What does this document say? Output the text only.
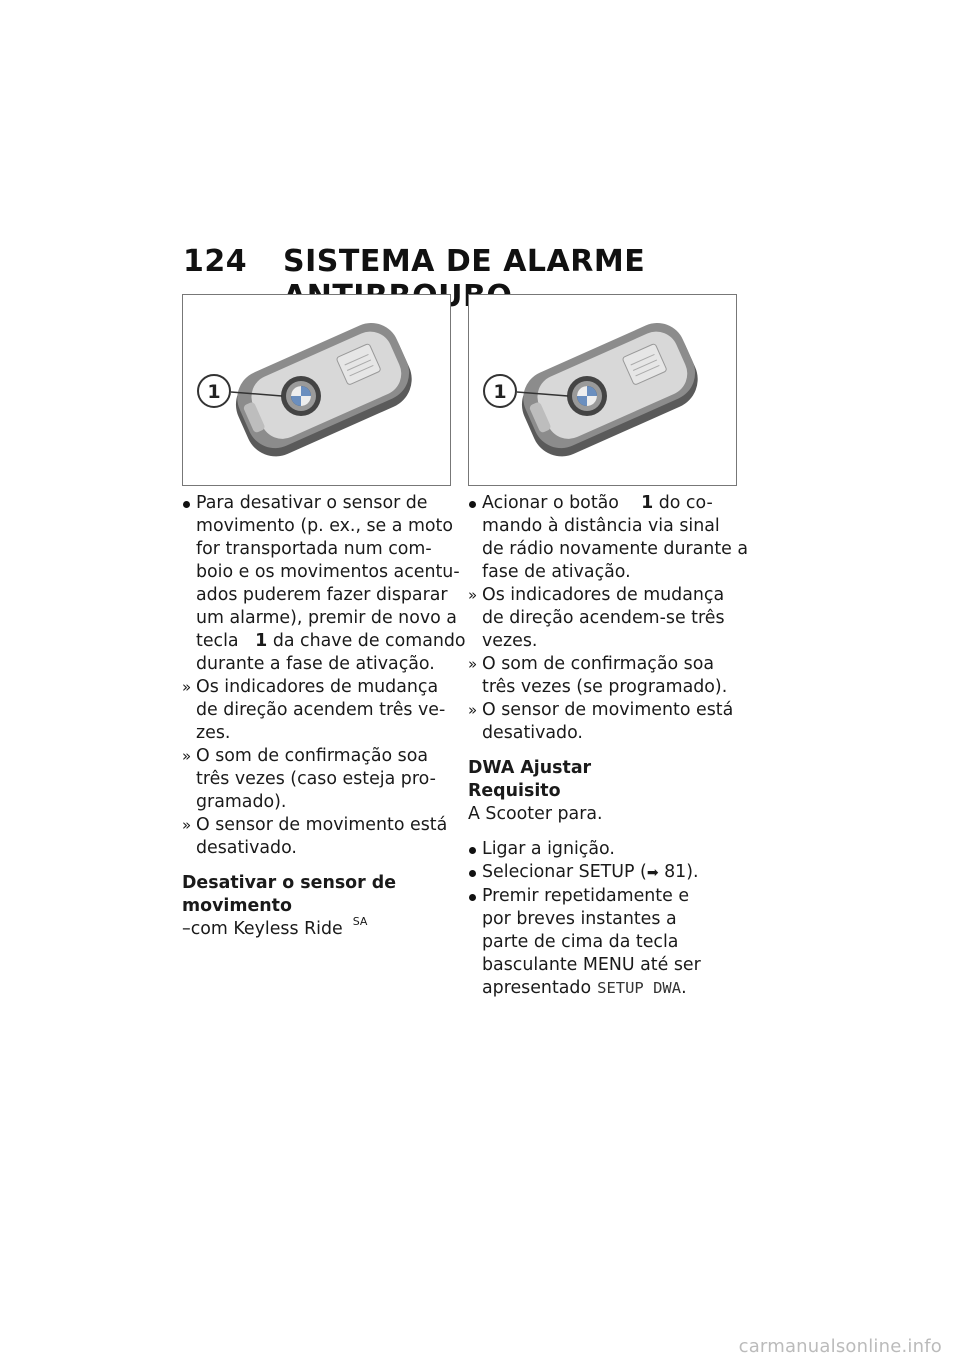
124 SISTEMA DE ALARME
1	1
Para desativar o sensor de
movimento (p. ex., se a moto
for transportada num com-
boio e os movimentos acentu-
ados puderem fazer disparar
um alarme), premir de novo a
tecla 1 da chave de comando
durante a fase de ativação.
» Os indicadores de mudança
de direção acendem três ve-
zes.
» O som de confirmação soa
três vezes (caso esteja pro-
gramado).
» O sensor de movimento está
desativado.
Desativar o sensor de
movimento
–com Keyless Ride $^{SA}$
Acionar o botão 1 do co-
mando à distância via sinal
de rádio novamente durante a
fase de ativação.
» Os indicadores de mudança
de direção acendem-se três
vezes.
» O som de confirmação soa
três vezes (se programado).
» O sensor de movimento está
desativado.
DWA Ajustar
Requisito
A Scooter para.
Ligar a ignição.
Selecionar SETUP (➡ 81).
Premir repetidamente e
por breves instantes a
parte de cima da tecla
basculante MENU até ser
apresentado SETUP DWA.
carmanualsonline.info
